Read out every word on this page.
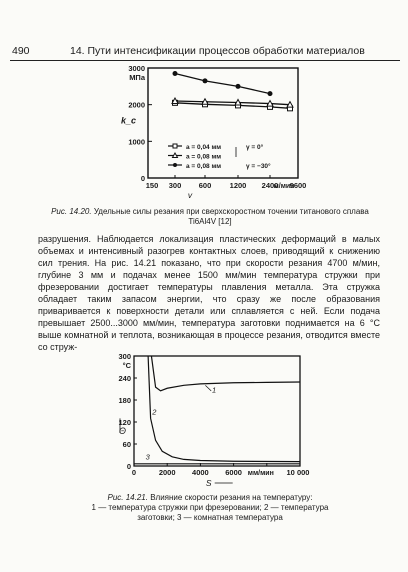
490	14. Пути интенсификации процессов обработки материалов
0
1000
2000
3000
МПа
k_c
150 300 600 1200 2400 9600
м/мин
v
a = 0,04 мм	γ = 0°
a = 0,08 мм
a = 0,08 мм	γ = −30°
Рис. 14.20. Удельные силы резания при сверхскоростном точении титанового сплава Ti6Al4V [12]

разрушения. Наблюдается локализация пластических деформаций в малых объемах и интенсивный разогрев контактных слоев, приводящий к снижению сил трения. На рис. 14.21 показано, что при скорости резания 4700 м/мин, глубине 3 мм и подачах менее 1500 мм/мин температура стружки при фрезеровании достигает температуры плавления металла. Эта стружка обладает таким запасом энергии, что сразу же после образования приваривается к поверхности детали или сплавляется с ней. Если подача превышает 2500...3000 мм/мин, температура заготовки поднимается на 6 °С выше комнатной и теплота, возникающая в процессе резания, отводится вместе со струж-

0
60
120
180
240
300
°C
Θ
0	2000 4000 6000	10 000
мм/мин
S
1
2
3
Рис. 14.21. Влияние скорости резания на температуру:
1 — температура стружки при фрезеровании; 2 — температура
заготовки; 3 — комнатная температура
